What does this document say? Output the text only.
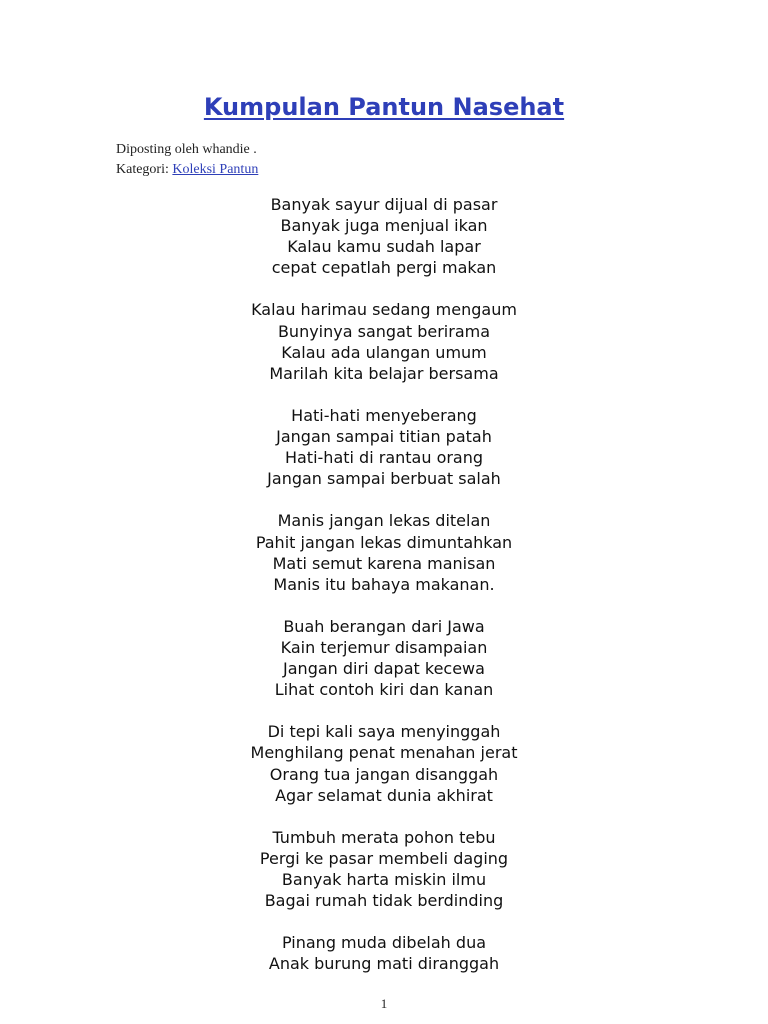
Kumpulan Pantun Nasehat
Diposting oleh whandie .
Kategori: Koleksi Pantun
Banyak sayur dijual di pasar
Banyak juga menjual ikan
Kalau kamu sudah lapar
cepat cepatlah pergi makan
Kalau harimau sedang mengaum
Bunyinya sangat berirama
Kalau ada ulangan umum
Marilah kita belajar bersama
Hati-hati menyeberang
Jangan sampai titian patah
Hati-hati di rantau orang
Jangan sampai berbuat salah
Manis jangan lekas ditelan
Pahit jangan lekas dimuntahkan
Mati semut karena manisan
Manis itu bahaya makanan.
Buah berangan dari Jawa
Kain terjemur disampaian
Jangan diri dapat kecewa
Lihat contoh kiri dan kanan
Di tepi kali saya menyinggah
Menghilang penat menahan jerat
Orang tua jangan disanggah
Agar selamat dunia akhirat
Tumbuh merata pohon tebu
Pergi ke pasar membeli daging
Banyak harta miskin ilmu
Bagai rumah tidak berdinding
Pinang muda dibelah dua
Anak burung mati diranggah
1
